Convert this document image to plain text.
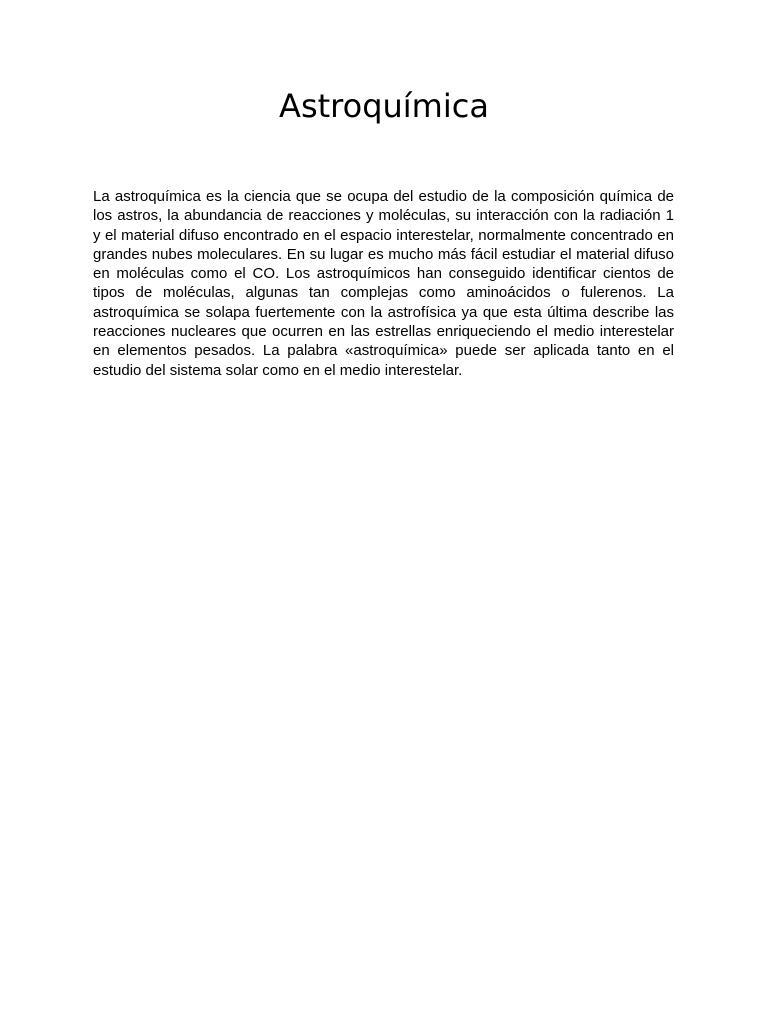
Astroquímica

La astroquímica es la ciencia que se ocupa del estudio de la composición química de los astros, la abundancia de reacciones y moléculas, su interacción con la radiación 1 y el material difuso encontrado en el espacio interestelar, normalmente concentrado en grandes nubes moleculares. En su lugar es mucho más fácil estudiar el material difuso en moléculas como el CO. Los astroquímicos han conseguido identificar cientos de tipos de moléculas, algunas tan complejas como aminoácidos o fulerenos. La astroquímica se solapa fuertemente con la astrofísica ya que esta última describe las reacciones nucleares que ocurren en las estrellas enriqueciendo el medio interestelar en elementos pesados. La palabra «astroquímica» puede ser aplicada tanto en el estudio del sistema solar como en el medio interestelar.
